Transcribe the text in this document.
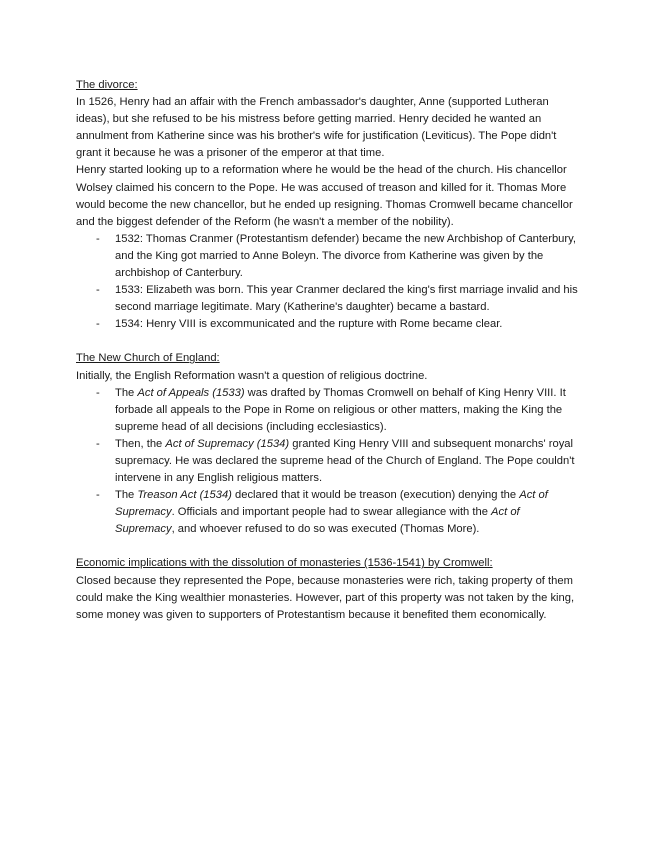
The divorce:

In 1526, Henry had an affair with the French ambassador's daughter, Anne (supported Lutheran ideas), but she refused to be his mistress before getting married. Henry decided he wanted an annulment from Katherine since was his brother's wife for justification (Leviticus). The Pope didn't grant it because he was a prisoner of the emperor at that time.

Henry started looking up to a reformation where he would be the head of the church. His chancellor Wolsey claimed his concern to the Pope. He was accused of treason and killed for it. Thomas More would become the new chancellor, but he ended up resigning. Thomas Cromwell became chancellor and the biggest defender of the Reform (he wasn't a member of the nobility).

- 1532: Thomas Cranmer (Protestantism defender) became the new Archbishop of Canterbury, and the King got married to Anne Boleyn. The divorce from Katherine was given by the archbishop of Canterbury.
- 1533: Elizabeth was born. This year Cranmer declared the king's first marriage invalid and his second marriage legitimate. Mary (Katherine's daughter) became a bastard.
- 1534: Henry VIII is excommunicated and the rupture with Rome became clear.
The New Church of England:

Initially, the English Reformation wasn't a question of religious doctrine.

- The Act of Appeals (1533) was drafted by Thomas Cromwell on behalf of King Henry VIII. It forbade all appeals to the Pope in Rome on religious or other matters, making the King the supreme head of all decisions (including ecclesiastics).
- Then, the Act of Supremacy (1534) granted King Henry VIII and subsequent monarchs' royal supremacy. He was declared the supreme head of the Church of England. The Pope couldn't intervene in any English religious matters.
- The Treason Act (1534) declared that it would be treason (execution) denying the Act of Supremacy. Officials and important people had to swear allegiance with the Act of Supremacy, and whoever refused to do so was executed (Thomas More).
Economic implications with the dissolution of monasteries (1536-1541) by Cromwell:

Closed because they represented the Pope, because monasteries were rich, taking property of them could make the King wealthier monasteries. However, part of this property was not taken by the king, some money was given to supporters of Protestantism because it benefited them economically.
